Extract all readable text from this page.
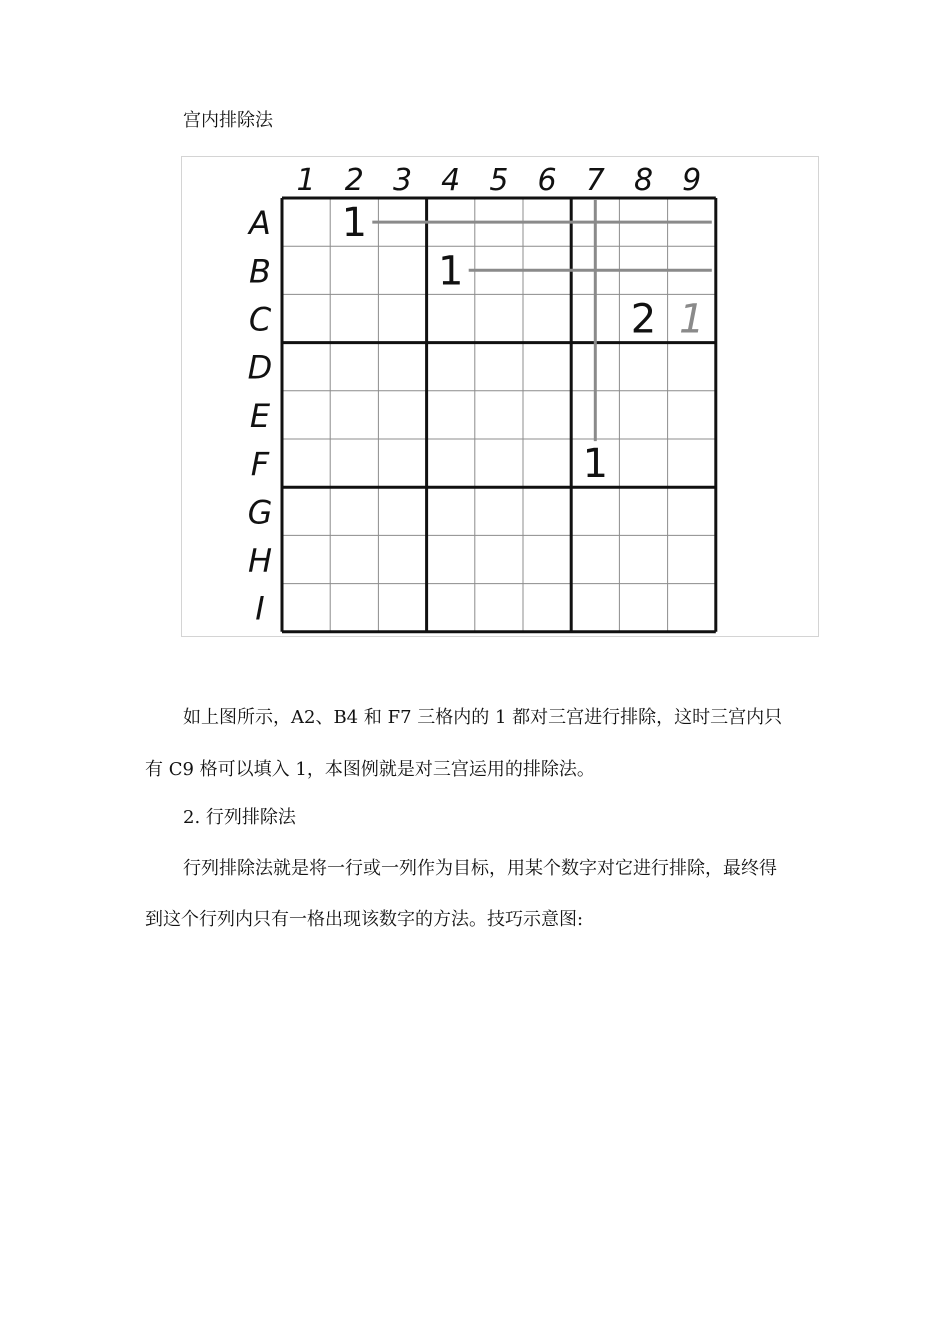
宫内排除法
1 2 3 4 5 6 7 8 9
A
B
C
D
E
F
G
H
I
1
1
2
1
1
如上图所示，A2、B4 和 F7 三格内的 1 都对三宫进行排除，这时三宫内只
有 C9 格可以填入 1，本图例就是对三宫运用的排除法。
2. 行列排除法
行列排除法就是将一行或一列作为目标，用某个数字对它进行排除，最终得
到这个行列内只有一格出现该数字的方法。技巧示意图:
